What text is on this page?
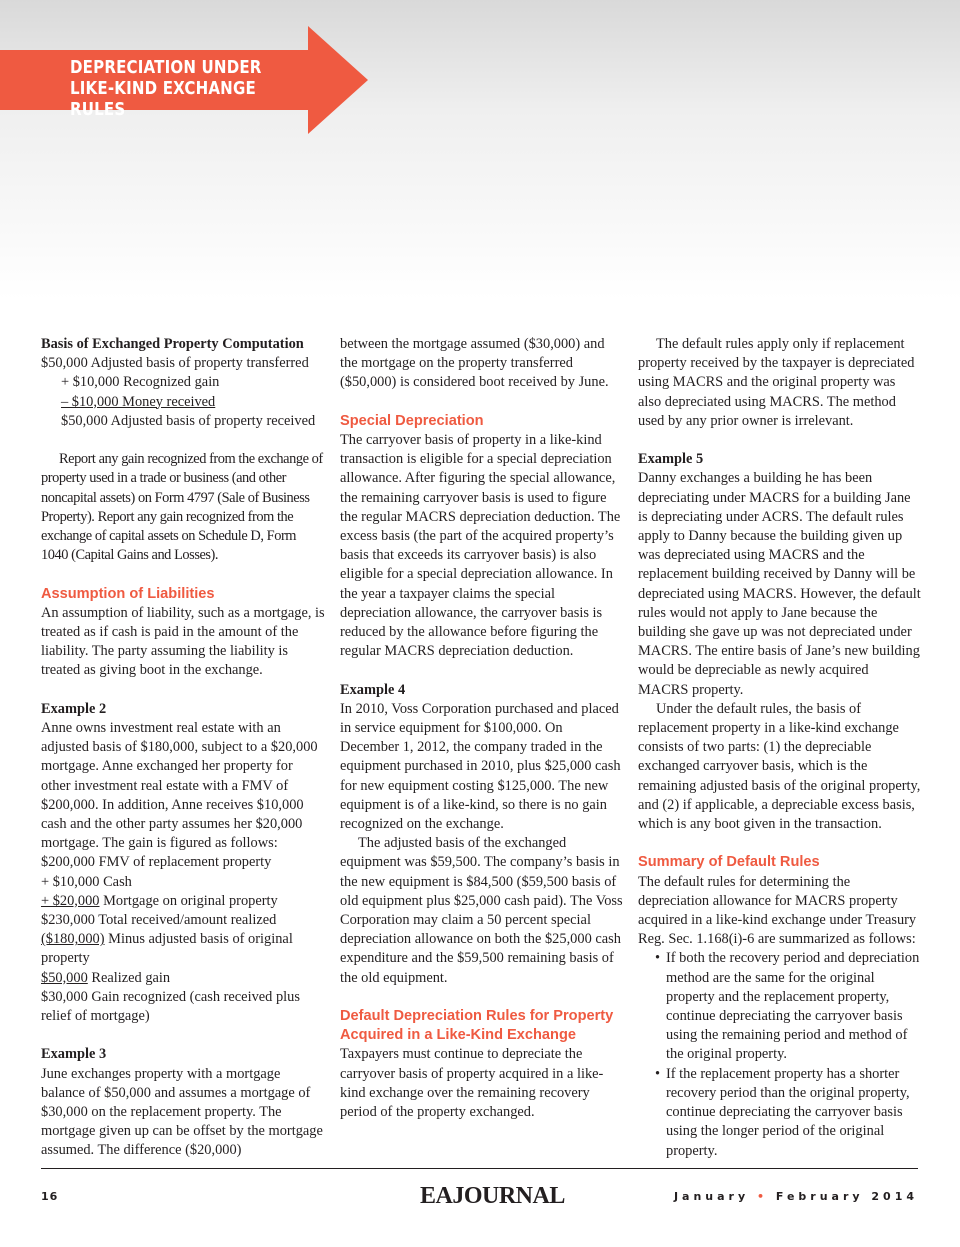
DEPRECIATION UNDER
LIKE-KIND EXCHANGE RULES

Basis of Exchanged Property Computation

$50,000 Adjusted basis of property transferred

+ $10,000 Recognized gain

– $10,000 Money received

$50,000 Adjusted basis of property received

Report any gain recognized from the exchange of property used in a trade or business (and other noncapital assets) on Form 4797 (Sale of Business Property). Report any gain recognized from the exchange of capital assets on Schedule D, Form 1040 (Capital Gains and Losses).

Assumption of Liabilities

An assumption of liability, such as a mortgage, is treated as if cash is paid in the amount of the liability. The party assuming the liability is treated as giving boot in the exchange.

Example 2

Anne owns investment real estate with an adjusted basis of $180,000, subject to a $20,000 mortgage. Anne exchanged her property for other investment real estate with a FMV of $200,000. In addition, Anne receives $10,000 cash and the other party assumes her $20,000 mortgage. The gain is figured as follows:

$200,000 FMV of replacement property

+ $10,000 Cash

+ $20,000 Mortgage on original property

$230,000 Total received/amount realized

($180,000) Minus adjusted basis of original property

$50,000 Realized gain

$30,000 Gain recognized (cash received plus relief of mortgage)

Example 3

June exchanges property with a mortgage balance of $50,000 and assumes a mortgage of $30,000 on the replacement property. The mortgage given up can be offset by the mortgage assumed. The difference ($20,000)

between the mortgage assumed ($30,000) and the mortgage on the property transferred ($50,000) is considered boot received by June.

Special Depreciation

The carryover basis of property in a like-kind transaction is eligible for a special depreciation allowance. After figuring the special allowance, the remaining carryover basis is used to figure the regular MACRS depreciation deduction. The excess basis (the part of the acquired property’s basis that exceeds its carryover basis) is also eligible for a special depreciation allowance. In the year a taxpayer claims the special depreciation allowance, the carryover basis is reduced by the allowance before figuring the regular MACRS depreciation deduction.

Example 4

In 2010, Voss Corporation purchased and placed in service equipment for $100,000. On December 1, 2012, the company traded in the equipment purchased in 2010, plus $25,000 cash for new equipment costing $125,000. The new equipment is of a like-kind, so there is no gain recognized on the exchange.

The adjusted basis of the exchanged equipment was $59,500. The company’s basis in the new equipment is $84,500 ($59,500 basis of old equipment plus $25,000 cash paid). The Voss Corporation may claim a 50 percent special depreciation allowance on both the $25,000 cash expenditure and the $59,500 remaining basis of the old equipment.

Default Depreciation Rules for Property Acquired in a Like-Kind Exchange

Taxpayers must continue to depreciate the carryover basis of property acquired in a like-kind exchange over the remaining recovery period of the property exchanged.

The default rules apply only if replacement property received by the taxpayer is depreciated using MACRS and the original property was also depreciated using MACRS. The method used by any prior owner is irrelevant.

Example 5

Danny exchanges a building he has been depreciating under MACRS for a building Jane is depreciating under ACRS. The default rules apply to Danny because the building given up was depreciated using MACRS and the replacement building received by Danny will be depreciated using MACRS. However, the default rules would not apply to Jane because the building she gave up was not depreciated under MACRS. The entire basis of Jane’s new building would be depreciable as newly acquired MACRS property.

Under the default rules, the basis of replacement property in a like-kind exchange consists of two parts: (1) the depreciable exchanged carryover basis, which is the remaining adjusted basis of the original property, and (2) if applicable, a depreciable excess basis, which is any boot given in the transaction.

Summary of Default Rules

The default rules for determining the depreciation allowance for MACRS property acquired in a like-kind exchange under Treasury Reg. Sec. 1.168(i)-6 are summarized as follows:

• If both the recovery period and depreciation method are the same for the original property and the replacement property, continue depreciating the carryover basis using the remaining period and method of the original property.

• If the replacement property has a shorter recovery period than the original property, continue depreciating the carryover basis using the longer period of the original property.

16	EAJOURNAL	January • February 2014
